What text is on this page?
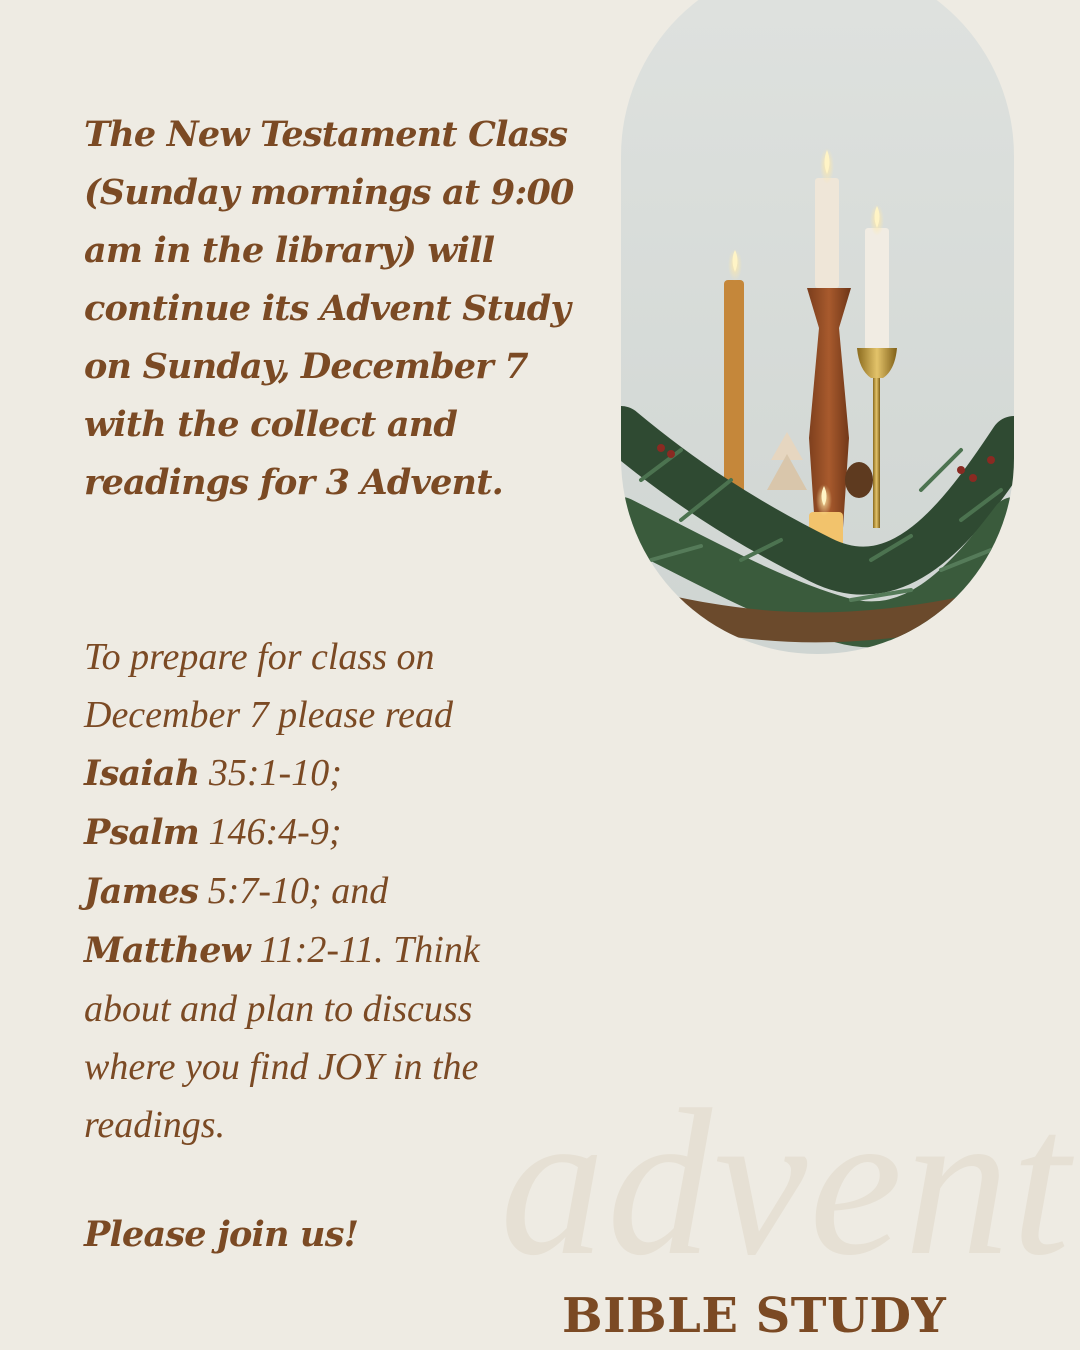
The New Testament Class (Sunday mornings at 9:00 am in the library) will continue its Advent Study on Sunday, December 7 with the collect and readings for 3 Advent.

To prepare for class on December 7 please read
Isaiah 35:1-10;
Psalm 146:4-9;
James 5:7-10; and
Matthew 11:2-11. Think about and plan to discuss where you find JOY in the readings.

Please join us! advent
BIBLE STUDY
